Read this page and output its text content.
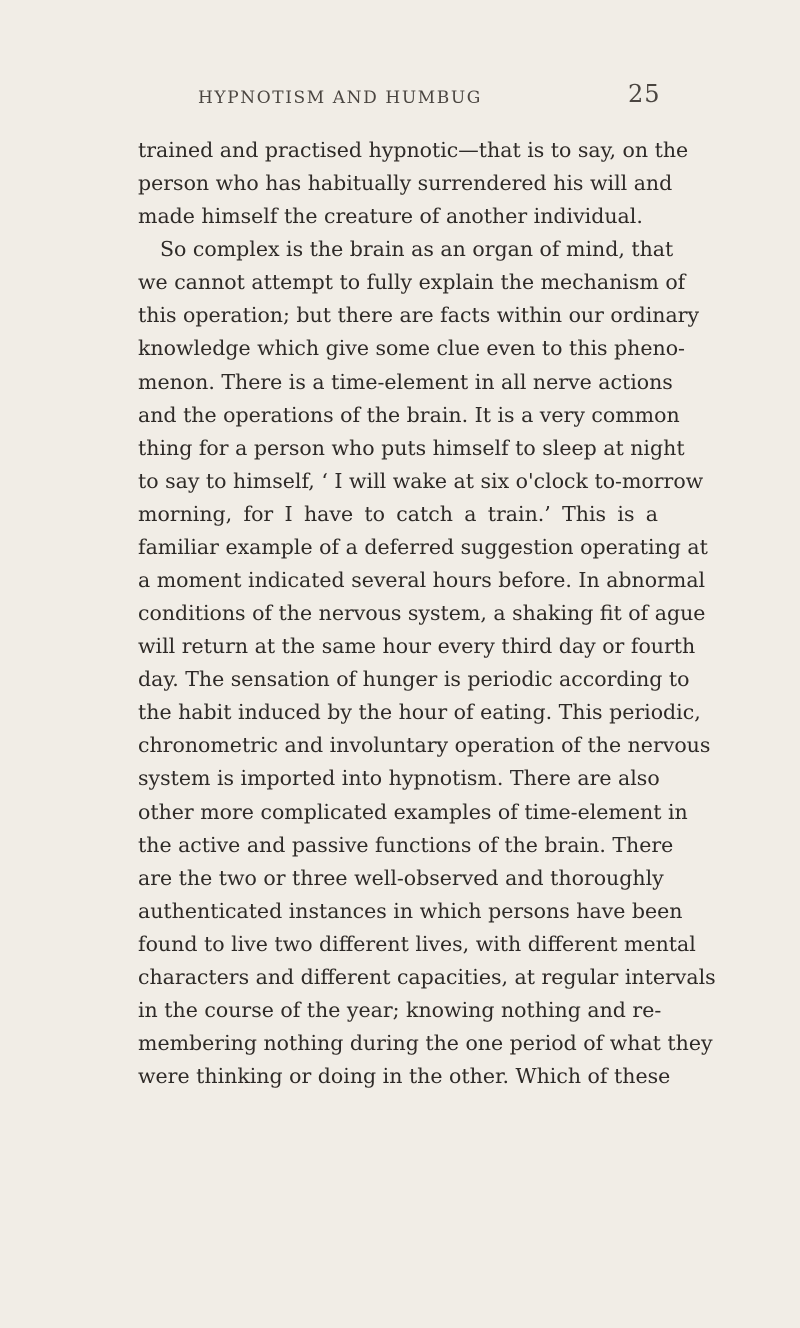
HYPNOTISM AND HUMBUG	25
trained and practised hypnotic—that is to say, on the
person who has habitually surrendered his will and
made himself the creature of another individual.
So complex is the brain as an organ of mind, that
we cannot attempt to fully explain the mechanism of
this operation; but there are facts within our ordinary
knowledge which give some clue even to this pheno-
menon. There is a time-element in all nerve actions
and the operations of the brain. It is a very common
thing for a person who puts himself to sleep at night
to say to himself, ‘ I will wake at six o'clock to-morrow
morning, for I have to catch a train.’ This is a
familiar example of a deferred suggestion operating at
a moment indicated several hours before. In abnormal
conditions of the nervous system, a shaking fit of ague
will return at the same hour every third day or fourth
day. The sensation of hunger is periodic according to
the habit induced by the hour of eating. This periodic,
chronometric and involuntary operation of the nervous
system is imported into hypnotism. There are also
other more complicated examples of time-element in
the active and passive functions of the brain. There
are the two or three well-observed and thoroughly
authenticated instances in which persons have been
found to live two different lives, with different mental
characters and different capacities, at regular intervals
in the course of the year; knowing nothing and re-
membering nothing during the one period of what they
were thinking or doing in the other. Which of these
